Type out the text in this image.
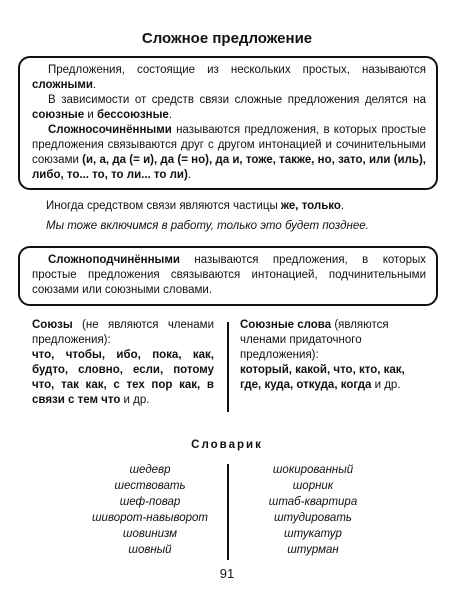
Сложное предложение

Предложения, состоящие из нескольких простых, называются сложными.

В зависимости от средств связи сложные предложения делятся на союзные и бессоюзные.

Сложносочинёнными называются предложения, в которых простые предложения связываются друг с другом интонацией и сочинительными союзами (и, а, да (= и), да (= но), да и, тоже, также, но, зато, или (иль), либо, то... то, то ли... то ли).

Иногда средством связи являются частицы же, только.
Мы тоже включимся в работу, только это будет позднее.

Сложноподчинёнными называются предложения, в которых простые предложения связываются интонацией, подчинительными союзами или союзными словами.

Союзы (не являются членами предложения):

что, чтобы, ибо, пока, как, будто, словно, если, потому что, так как, с тех пор как, в связи с тем что и др.

Союзные слова (являются членами придаточного предложения):

который, какой, что, кто, как, где, куда, откуда, когда и др.

Словарик
шедевр
шествовать
шеф-повар
шиворот-навыворот
шовинизм
шовный
шокированный
шорник
штаб-квартира
штудировать
штукатур
штурман
91
